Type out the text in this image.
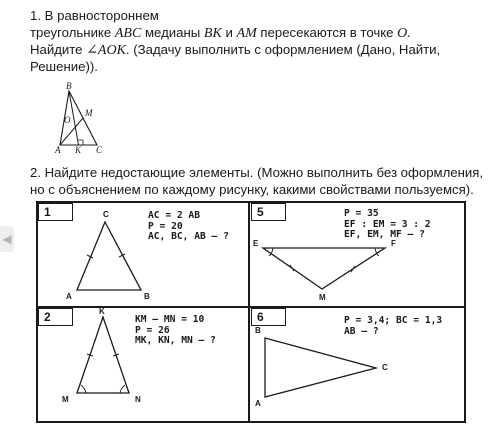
1. В равностороннем
треугольнике ABC медианы BK и AM пересекаются в точке O.
Найдите ∠AOK. (Задачу выполнить с оформлением (Дано, Найти,
Решение)).
B
M
O
A K C
2. Найдите недостающие элементы. (Можно выполнить без оформления,
но с объяснением по каждому рисунку, какими свойствами пользуемся).
◀
1	AC = 2 AB
P = 20
AC, BC, AB — ?
C
A	B
5	P = 35
EF : EM = 3 : 2
EF, EM, MF — ?
E	F
M
2	KM – MN = 10
P = 26
MK, KN, MN — ?
K
M	N
6	P = 3,4; BC = 1,3
AB — ?
B
C
A
